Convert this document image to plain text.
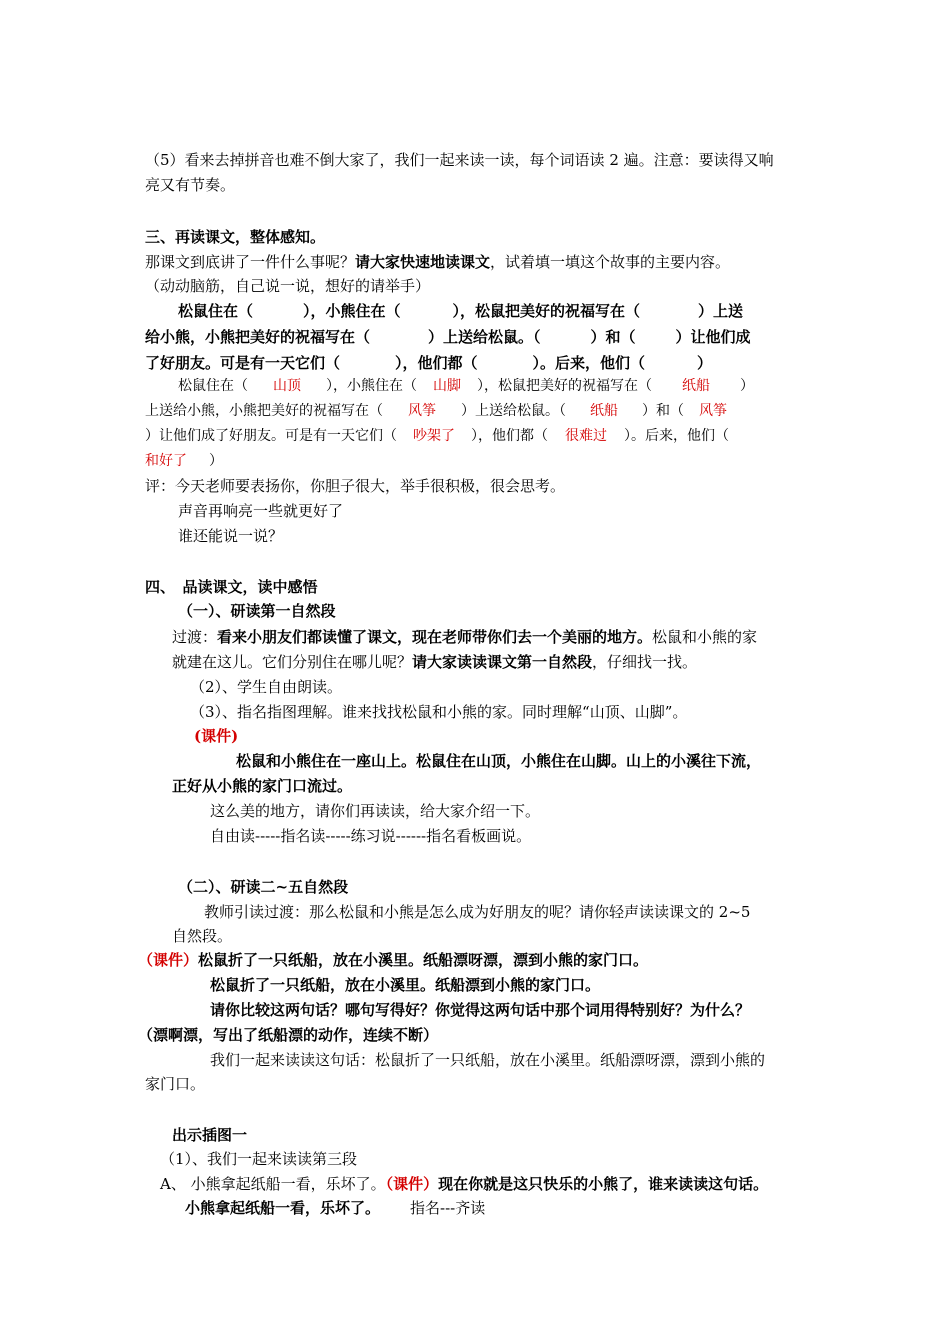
（5）看来去掉拼音也难不倒大家了，我们一起来读一读，每个词语读 2 遍。注意：要读得又响
亮又有节奏。
三、再读课文，整体感知。
那课文到底讲了一件什么事呢？请大家快速地读课文，试着填一填这个故事的主要内容。
（动动脑筋，自己说一说，想好的请举手）
松鼠住在（	），小熊住在（	），松鼠把美好的祝福写在（	）上送
给小熊，小熊把美好的祝福写在（	）上送给松鼠。（	）和（	）让他们成
了好朋友。可是有一天它们（	），他们都（	）。后来，他们（	）
松鼠住在（ 山顶 ），小熊住在（ 山脚 ），松鼠把美好的祝福写在（ 纸船 ）
上送给小熊，小熊把美好的祝福写在（ 风筝 ）上送给松鼠。（ 纸船 ）和（ 风筝
）让他们成了好朋友。可是有一天它们（ 吵架了 ），他们都（ 很难过 ）。后来，他们（
和好了 ）
评：今天老师要表扬你，你胆子很大，举手很积极，很会思考。
声音再响亮一些就更好了
谁还能说一说？
四、　品读课文，读中感悟
（一）、研读第一自然段
过渡：看来小朋友们都读懂了课文，现在老师带你们去一个美丽的地方。松鼠和小熊的家
就建在这儿。它们分别住在哪儿呢？请大家读读课文第一自然段，仔细找一找。
（2）、学生自由朗读。
（3）、指名指图理解。谁来找找松鼠和小熊的家。同时理解“山顶、山脚”。
(课件)
松鼠和小熊住在一座山上。松鼠住在山顶，小熊住在山脚。山上的小溪往下流，
正好从小熊的家门口流过。
这么美的地方，请你们再读读，给大家介绍一下。
自由读-----指名读-----练习说------指名看板画说。
（二）、研读二~五自然段
教师引读过渡：那么松鼠和小熊是怎么成为好朋友的呢？请你轻声读读课文的 2~5
自然段。
（课件）松鼠折了一只纸船，放在小溪里。纸船漂呀漂，漂到小熊的家门口。
松鼠折了一只纸船，放在小溪里。纸船漂到小熊的家门口。
请你比较这两句话？哪句写得好？你觉得这两句话中那个词用得特别好？为什么？
（漂啊漂，写出了纸船漂的动作，连续不断）
我们一起来读读这句话：松鼠折了一只纸船，放在小溪里。纸船漂呀漂，漂到小熊的
家门口。
出示插图一
（1）、我们一起来读读第三段
A、 小熊拿起纸船一看，乐坏了。（课件）现在你就是这只快乐的小熊了，谁来读读这句话。
小熊拿起纸船一看，乐坏了。 指名---齐读
